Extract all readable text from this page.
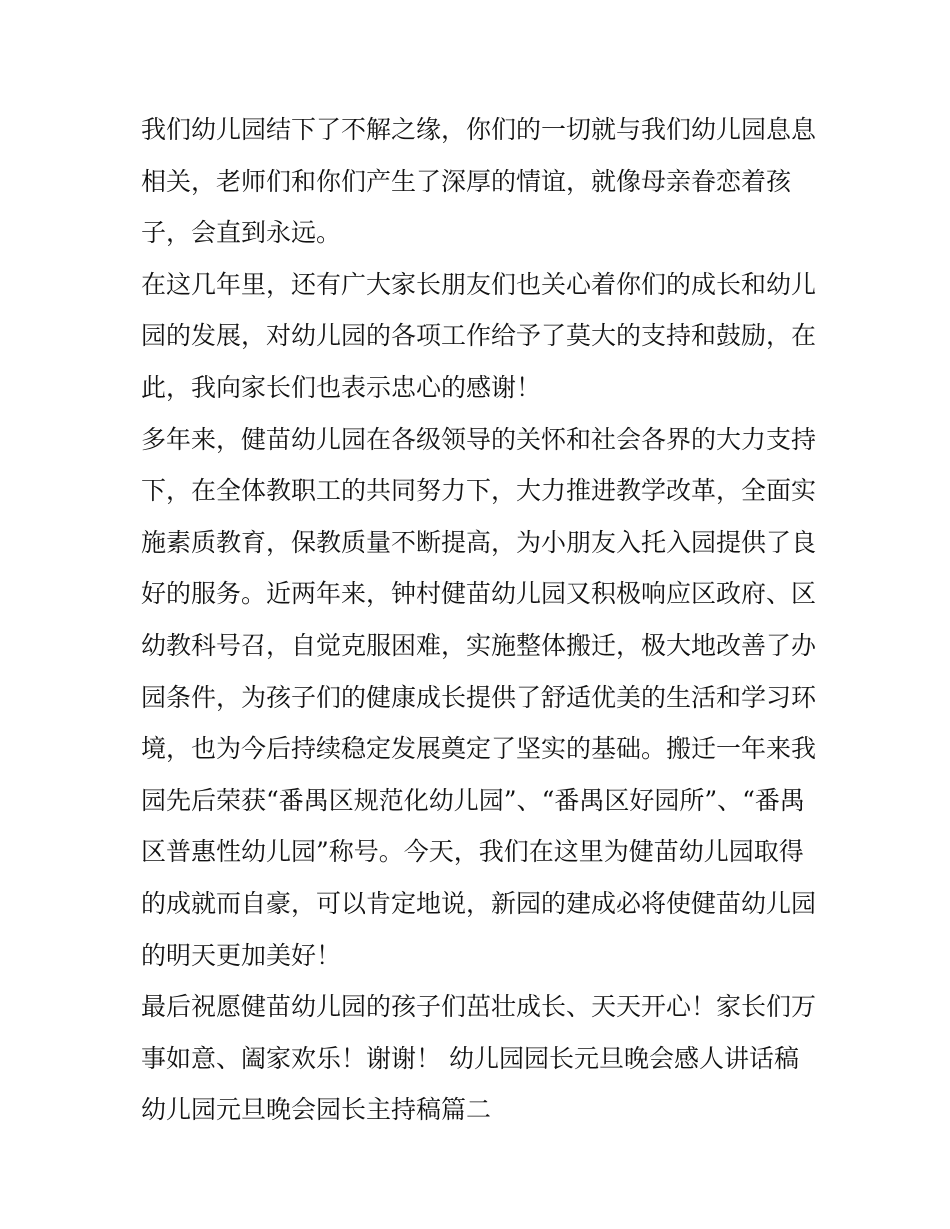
我们幼儿园结下了不解之缘，你们的一切就与我们幼儿园息息
相关，老师们和你们产生了深厚的情谊，就像母亲眷恋着孩
子，会直到永远。
在这几年里，还有广大家长朋友们也关心着你们的成长和幼儿
园的发展，对幼儿园的各项工作给予了莫大的支持和鼓励，在
此，我向家长们也表示忠心的感谢！
多年来，健苗幼儿园在各级领导的关怀和社会各界的大力支持
下，在全体教职工的共同努力下，大力推进教学改革，全面实
施素质教育，保教质量不断提高，为小朋友入托入园提供了良
好的服务。近两年来，钟村健苗幼儿园又积极响应区政府、区
幼教科号召，自觉克服困难，实施整体搬迁，极大地改善了办
园条件，为孩子们的健康成长提供了舒适优美的生活和学习环
境，也为今后持续稳定发展奠定了坚实的基础。搬迁一年来我
园先后荣获“番禺区规范化幼儿园”、“番禺区好园所”、“番禺
区普惠性幼儿园”称号。今天，我们在这里为健苗幼儿园取得
的成就而自豪，可以肯定地说，新园的建成必将使健苗幼儿园
的明天更加美好！
最后祝愿健苗幼儿园的孩子们茁壮成长、天天开心！家长们万
事如意、阖家欢乐！谢谢！ 幼儿园园长元旦晚会感人讲话稿
幼儿园元旦晚会园长主持稿篇二
